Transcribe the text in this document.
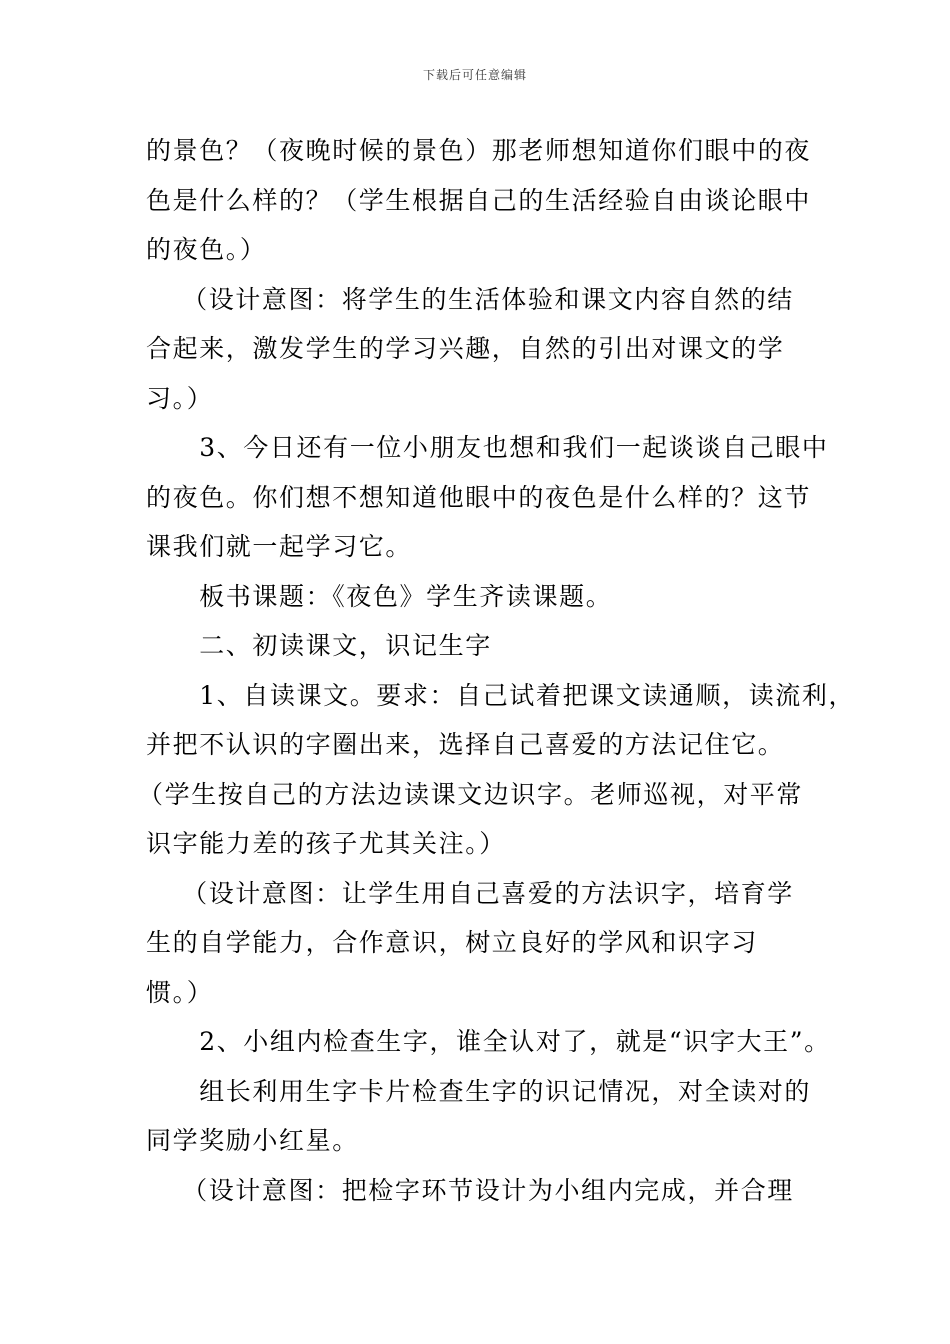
下载后可任意编辑
的景色？（夜晚时候的景色）那老师想知道你们眼中的夜
色是什么样的？（学生根据自己的生活经验自由谈论眼中
的夜色。）
　（设计意图：将学生的生活体验和课文内容自然的结
合起来，激发学生的学习兴趣，自然的引出对课文的学
习。）
　　3、今日还有一位小朋友也想和我们一起谈谈自己眼中
的夜色。你们想不想知道他眼中的夜色是什么样的？这节
课我们就一起学习它。
　　板书课题：《夜色》学生齐读课题。
　　二、初读课文，识记生字
　　1、自读课文。要求：自己试着把课文读通顺，读流利，
并把不认识的字圈出来，选择自己喜爱的方法记住它。
（学生按自己的方法边读课文边识字。老师巡视，对平常
识字能力差的孩子尤其关注。）
　（设计意图：让学生用自己喜爱的方法识字，培育学
生的自学能力，合作意识，树立良好的学风和识字习
惯。）
　　2、小组内检查生字，谁全认对了，就是“识字大王”。
　　组长利用生字卡片检查生字的识记情况，对全读对的
同学奖励小红星。
　（设计意图：把检字环节设计为小组内完成，并合理
